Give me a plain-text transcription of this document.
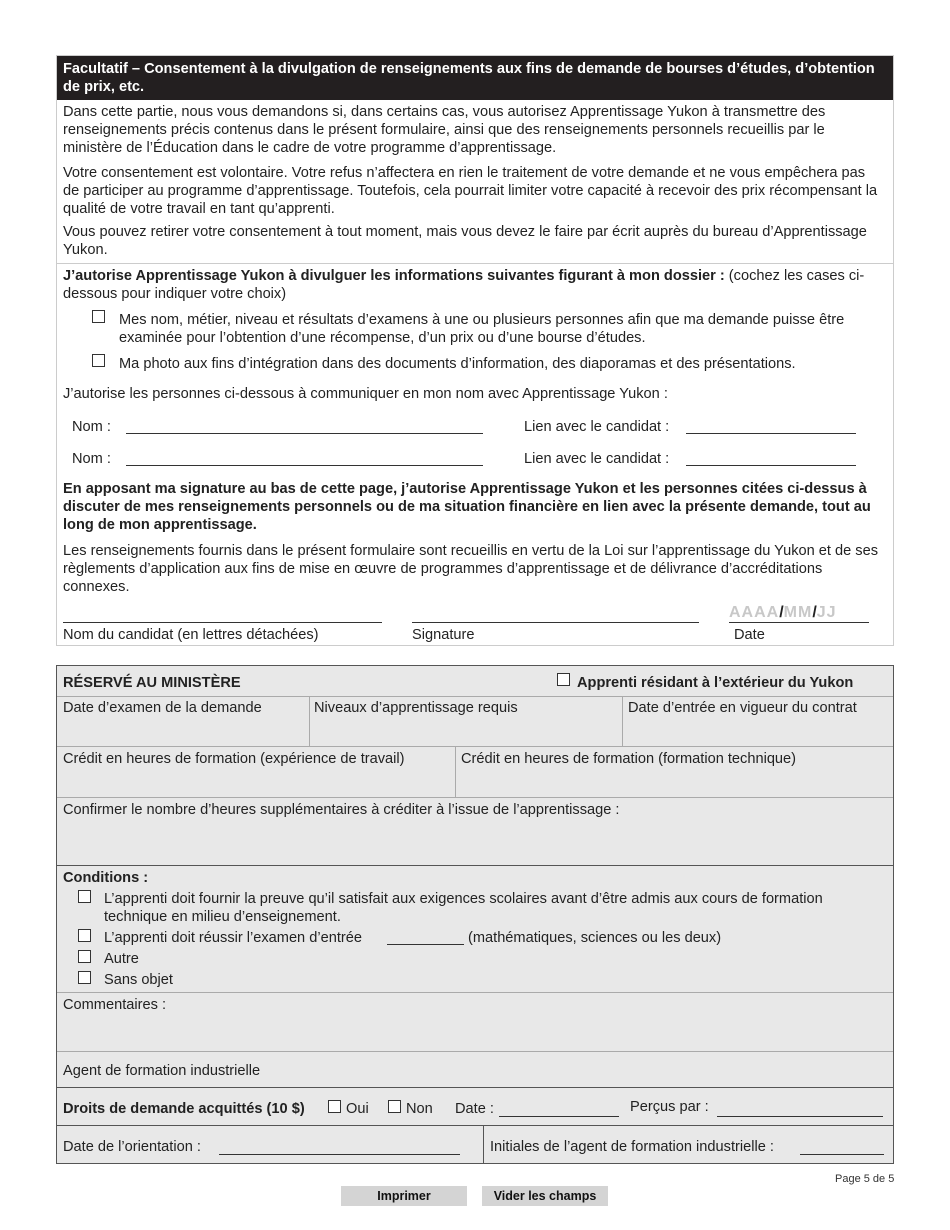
Facultatif – Consentement à la divulgation de renseignements aux fins de demande de bourses d’études, d’obtention de prix, etc.
Dans cette partie, nous vous demandons si, dans certains cas, vous autorisez Apprentissage Yukon à transmettre des renseignements précis contenus dans le présent formulaire, ainsi que des renseignements personnels recueillis par le ministère de l’Éducation dans le cadre de votre programme d’apprentissage.
Votre consentement est volontaire. Votre refus n’affectera en rien le traitement de votre demande et ne vous empêchera pas de participer au programme d’apprentissage. Toutefois, cela pourrait limiter votre capacité à recevoir des prix récompensant la qualité de votre travail en tant qu’apprenti.
Vous pouvez retirer votre consentement à tout moment, mais vous devez le faire par écrit auprès du bureau d’Apprentissage Yukon.
J’autorise Apprentissage Yukon à divulguer les informations suivantes figurant à mon dossier : (cochez les cases ci-dessous pour indiquer votre choix)
Mes nom, métier, niveau et résultats d’examens à une ou plusieurs personnes afin que ma demande puisse être examinée pour l’obtention d’une récompense, d’un prix ou d’une bourse d’études.
Ma photo aux fins d’intégration dans des documents d’information, des diaporamas et des présentations.
J’autorise les personnes ci-dessous à communiquer en mon nom avec Apprentissage Yukon :
Nom :	Lien avec le candidat :
Nom :	Lien avec le candidat :
En apposant ma signature au bas de cette page, j’autorise Apprentissage Yukon et les personnes citées ci-dessus à discuter de mes renseignements personnels ou de ma situation financière en lien avec la présente demande, tout au long de mon apprentissage.
Les renseignements fournis dans le présent formulaire sont recueillis en vertu de la Loi sur l’apprentissage du Yukon et de ses règlements d’application aux fins de mise en œuvre de programmes d’apprentissage et de délivrance d’accréditations connexes.
AAAA/MM/JJ
Nom du candidat (en lettres détachées)	Signature	Date
RÉSERVÉ AU MINISTÈRE	Apprenti résidant à l’extérieur du Yukon
Date d’examen de la demande	Niveaux d’apprentissage requis	Date d’entrée en vigueur du contrat
Crédit en heures de formation (expérience de travail)	Crédit en heures de formation (formation technique)
Confirmer le nombre d’heures supplémentaires à créditer à l’issue de l’apprentissage :
Conditions :
L’apprenti doit fournir la preuve qu’il satisfait aux exigences scolaires avant d’être admis aux cours de formation technique en milieu d’enseignement.
L’apprenti doit réussir l’examen d’entrée	(mathématiques, sciences ou les deux)
Autre
Sans objet
Commentaires :
Agent de formation industrielle
Droits de demande acquittés (10 $)	Oui	Non Date :	Perçus par :
Date de l’orientation :	Initiales de l’agent de formation industrielle :
Page 5 de 5
Imprimer	Vider les champs
